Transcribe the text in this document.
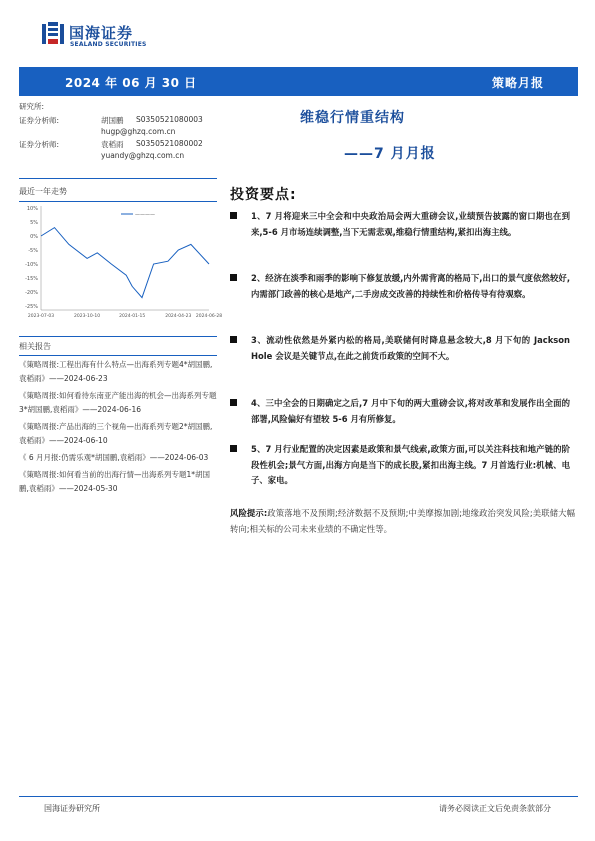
国海证券
SEALAND SECURITIES
2024 年 06 月 30 日	策略月报
研究所:
证券分析师:	胡国鹏 S0350521080003
hugp@ghzq.com.cn
证券分析师:	袁稻雨 S0350521080002
yuandy@ghzq.com.cn
维稳行情重结构
——7 月月报
最近一年走势
10%
5%
0%
-5%
-10%
-15%
-20%
-25%
2023-07-03	2023-10-10	2024-01-15	2024-04-23 2024-06-28
————
相关报告

《策略周报:工程出海有什么特点—出海系列专题4*胡国鹏,袁稻雨》——2024-06-23

《策略周报:如何看待东南亚产能出海的机会—出海系列专题3*胡国鹏,袁稻雨》——2024-06-16

《策略周报:产品出海的三个视角—出海系列专题2*胡国鹏,袁稻雨》——2024-06-10

《 6 月月报:仍需乐观*胡国鹏,袁稻雨》——2024-06-03

《策略周报:如何看当前的出海行情—出海系列专题1*胡国鹏,袁稻雨》——2024-05-30

投资要点:
1、7 月将迎来三中全会和中央政治局会两大重磅会议,业绩预告披露的窗口期也在到来,5-6 月市场连续调整,当下无需悲观,维稳行情重结构,紧扣出海主线。
2、经济在淡季和雨季的影响下修复放缓,内外需背离的格局下,出口的景气度依然较好,内需部门政善的核心是地产,二手房成交改善的持续性和价格传导有待观察。
3、流动性依然是外紧内松的格局,美联储何时降息悬念较大,8 月下旬的 Jackson Hole 会议是关键节点,在此之前货币政策的空间不大。
4、三中全会的日期确定之后,7 月中下旬的两大重磅会议,将对改革和发展作出全面的部署,风险偏好有望较 5-6 月有所修复。
5、7 月行业配置的决定因素是政策和景气线索,政策方面,可以关注科技和地产链的阶段性机会;景气方面,出海方向是当下的成长股,紧扣出海主线。7 月首选行业:机械、电子、家电。
风险提示:政策落地不及预期;经济数据不及预期;中美摩擦加剧;地缘政治突发风险;美联储大幅转向;相关标的公司未来业绩的不确定性等。
国海证券研究所	请务必阅读正文后免责条款部分
